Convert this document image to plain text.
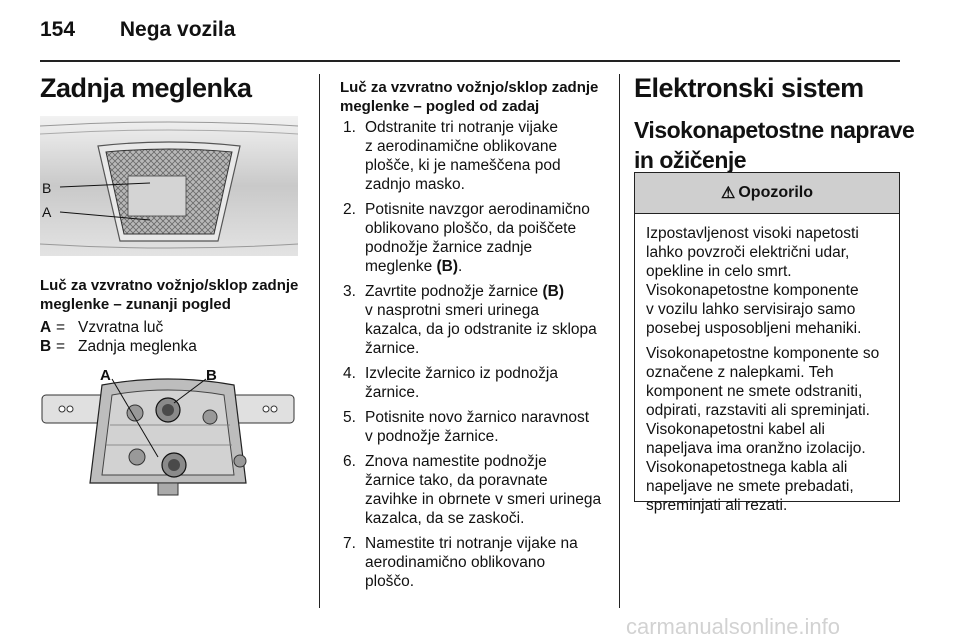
154 Nega vozila
Zadnja meglenka
B
A
Luč za vzvratno vožnjo/sklop zadnje
meglenke – zunanji pogled
A = Vzvratna luč
B = Zadnja meglenka
A	B
Luč za vzvratno vožnjo/sklop zadnje
meglenke – pogled od zadaj
1. Odstranite tri notranje vijake
z aerodinamične oblikovane
plošče, ki je nameščena pod
zadnjo masko.
2. Potisnite navzgor aerodinamično
oblikovano ploščo, da poiščete
podnožje žarnice zadnje
meglenke (B).
3. Zavrtite podnožje žarnice (B)
v nasprotni smeri urinega
kazalca, da jo odstranite iz sklopa
žarnice.
4. Izvlecite žarnico iz podnožja
žarnice.
5. Potisnite novo žarnico naravnost
v podnožje žarnice.
6. Znova namestite podnožje
žarnice tako, da poravnate
zavihke in obrnete v smeri urinega
kazalca, da se zaskoči.
7. Namestite tri notranje vijake na
aerodinamično oblikovano
ploščo.
Elektronski sistem
Visokonapetostne naprave
in ožičenje
⚠ Opozorilo

Izpostavljenost visoki napetosti
lahko povzroči električni udar,
opekline in celo smrt.
Visokonapetostne komponente
v vozilu lahko servisirajo samo
posebej usposobljeni mehaniki.

Visokonapetostne komponente so
označene z nalepkami. Teh
komponent ne smete odstraniti,
odpirati, razstaviti ali spreminjati.
Visokonapetostni kabel ali
napeljava ima oranžno izolacijo.
Visokonapetostnega kabla ali
napeljave ne smete prebadati,
spreminjati ali rezati.

carmanualsonline.info
